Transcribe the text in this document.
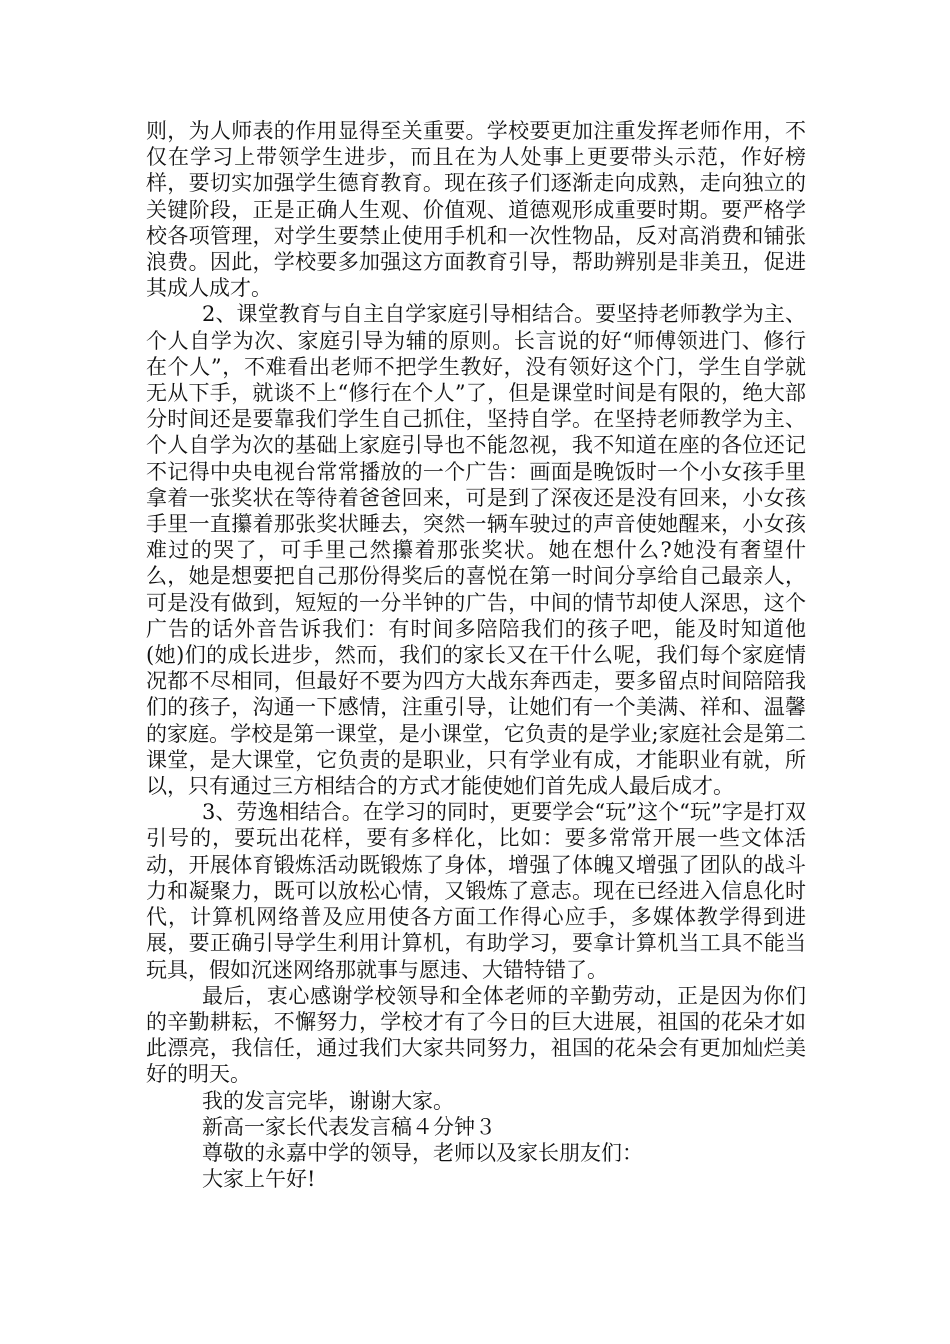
则，为人师表的作用显得至关重要。学校要更加注重发挥老师作用，不仅在学习上带领学生进步，而且在为人处事上更要带头示范，作好榜样，要切实加强学生德育教育。现在孩子们逐渐走向成熟，走向独立的关键阶段，正是正确人生观、价值观、道德观形成重要时期。要严格学校各项管理，对学生要禁止使用手机和一次性物品，反对高消费和铺张浪费。因此，学校要多加强这方面教育引导，帮助辨别是非美丑，促进其成人成才。

2、课堂教育与自主自学家庭引导相结合。要坚持老师教学为主、个人自学为次、家庭引导为辅的原则。长言说的好“师傅领进门、修行在个人”，不难看出老师不把学生教好，没有领好这个门，学生自学就无从下手，就谈不上“修行在个人”了，但是课堂时间是有限的，绝大部分时间还是要靠我们学生自己抓住，坚持自学。在坚持老师教学为主、个人自学为次的基础上家庭引导也不能忽视，我不知道在座的各位还记不记得中央电视台常常播放的一个广告：画面是晚饭时一个小女孩手里拿着一张奖状在等待着爸爸回来，可是到了深夜还是没有回来，小女孩手里一直攥着那张奖状睡去，突然一辆车驶过的声音使她醒来，小女孩难过的哭了，可手里己然攥着那张奖状。她在想什么?她没有奢望什么，她是想要把自己那份得奖后的喜悦在第一时间分享给自己最亲人，可是没有做到，短短的一分半钟的广告，中间的情节却使人深思，这个广告的话外音告诉我们：有时间多陪陪我们的孩子吧，能及时知道他(她)们的成长进步，然而，我们的家长又在干什么呢，我们每个家庭情况都不尽相同，但最好不要为四方大战东奔西走，要多留点时间陪陪我们的孩子，沟通一下感情，注重引导，让她们有一个美满、祥和、温馨的家庭。学校是第一课堂，是小课堂，它负责的是学业;家庭社会是第二课堂，是大课堂，它负责的是职业，只有学业有成，才能职业有就，所以，只有通过三方相结合的方式才能使她们首先成人最后成才。

3、劳逸相结合。在学习的同时，更要学会“玩”这个“玩”字是打双引号的，要玩出花样，要有多样化，比如：要多常常开展一些文体活动，开展体育锻炼活动既锻炼了身体，增强了体魄又增强了团队的战斗力和凝聚力，既可以放松心情，又锻炼了意志。现在已经进入信息化时代，计算机网络普及应用使各方面工作得心应手，多媒体教学得到进展，要正确引导学生利用计算机，有助学习，要拿计算机当工具不能当玩具，假如沉迷网络那就事与愿违、大错特错了。

最后，衷心感谢学校领导和全体老师的辛勤劳动，正是因为你们的辛勤耕耘，不懈努力，学校才有了今日的巨大进展，祖国的花朵才如此漂亮，我信任，通过我们大家共同努力，祖国的花朵会有更加灿烂美好的明天。

我的发言完毕，谢谢大家。

新高一家长代表发言稿４分钟３

尊敬的永嘉中学的领导，老师以及家长朋友们：

大家上午好!
